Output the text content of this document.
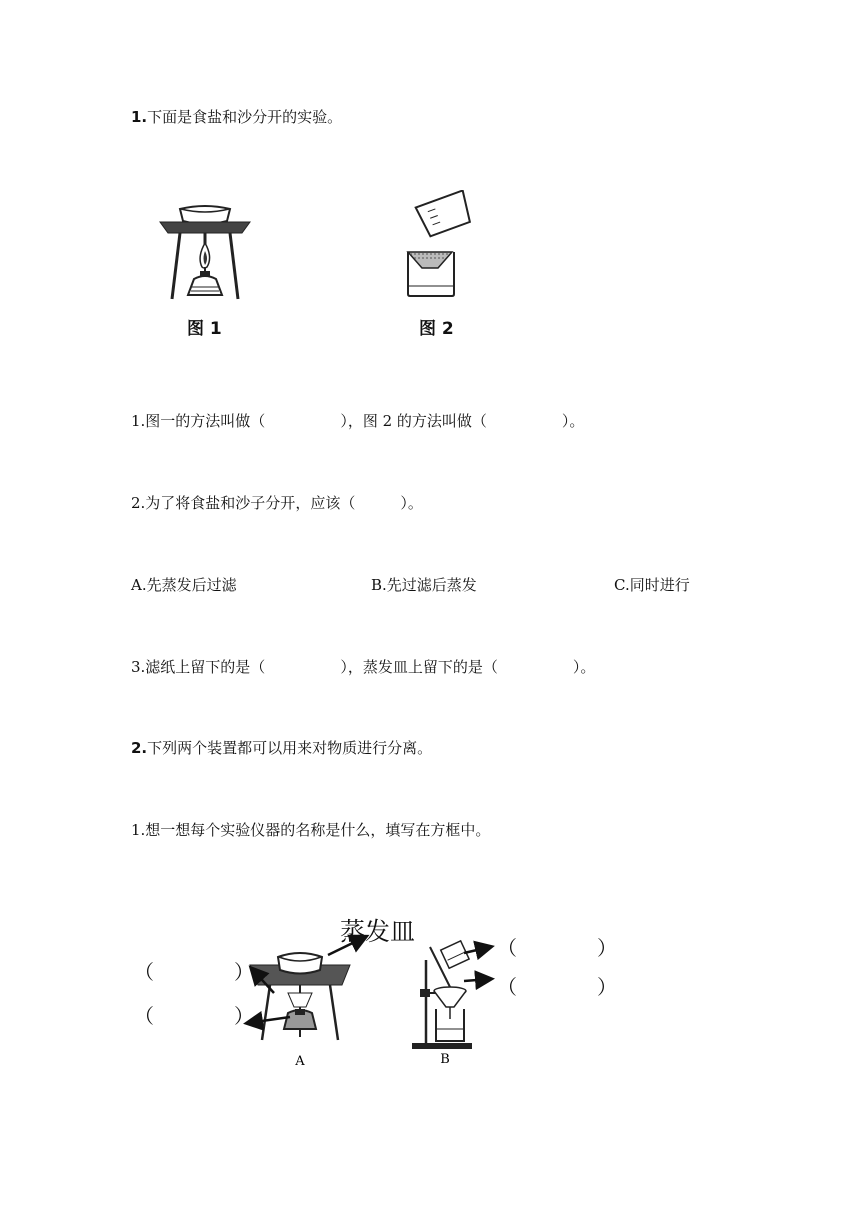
1.下面是食盐和沙分开的实验。
图 1	图 2
1.图一的方法叫做（　　　　　），图 2 的方法叫做（　　　　　）。
2.为了将食盐和沙子分开，应该（　　　）。
A.先蒸发后过滤	B.先过滤后蒸发	C.同时进行
3.滤纸上留下的是（　　　　　），蒸发皿上留下的是（　　　　　）。
2.下列两个装置都可以用来对物质进行分离。
1.想一想每个实验仪器的名称是什么，填写在方框中。
蒸发皿
（　　　　）
（　　　　）
（　　　　）
（　　　　）
A	B
